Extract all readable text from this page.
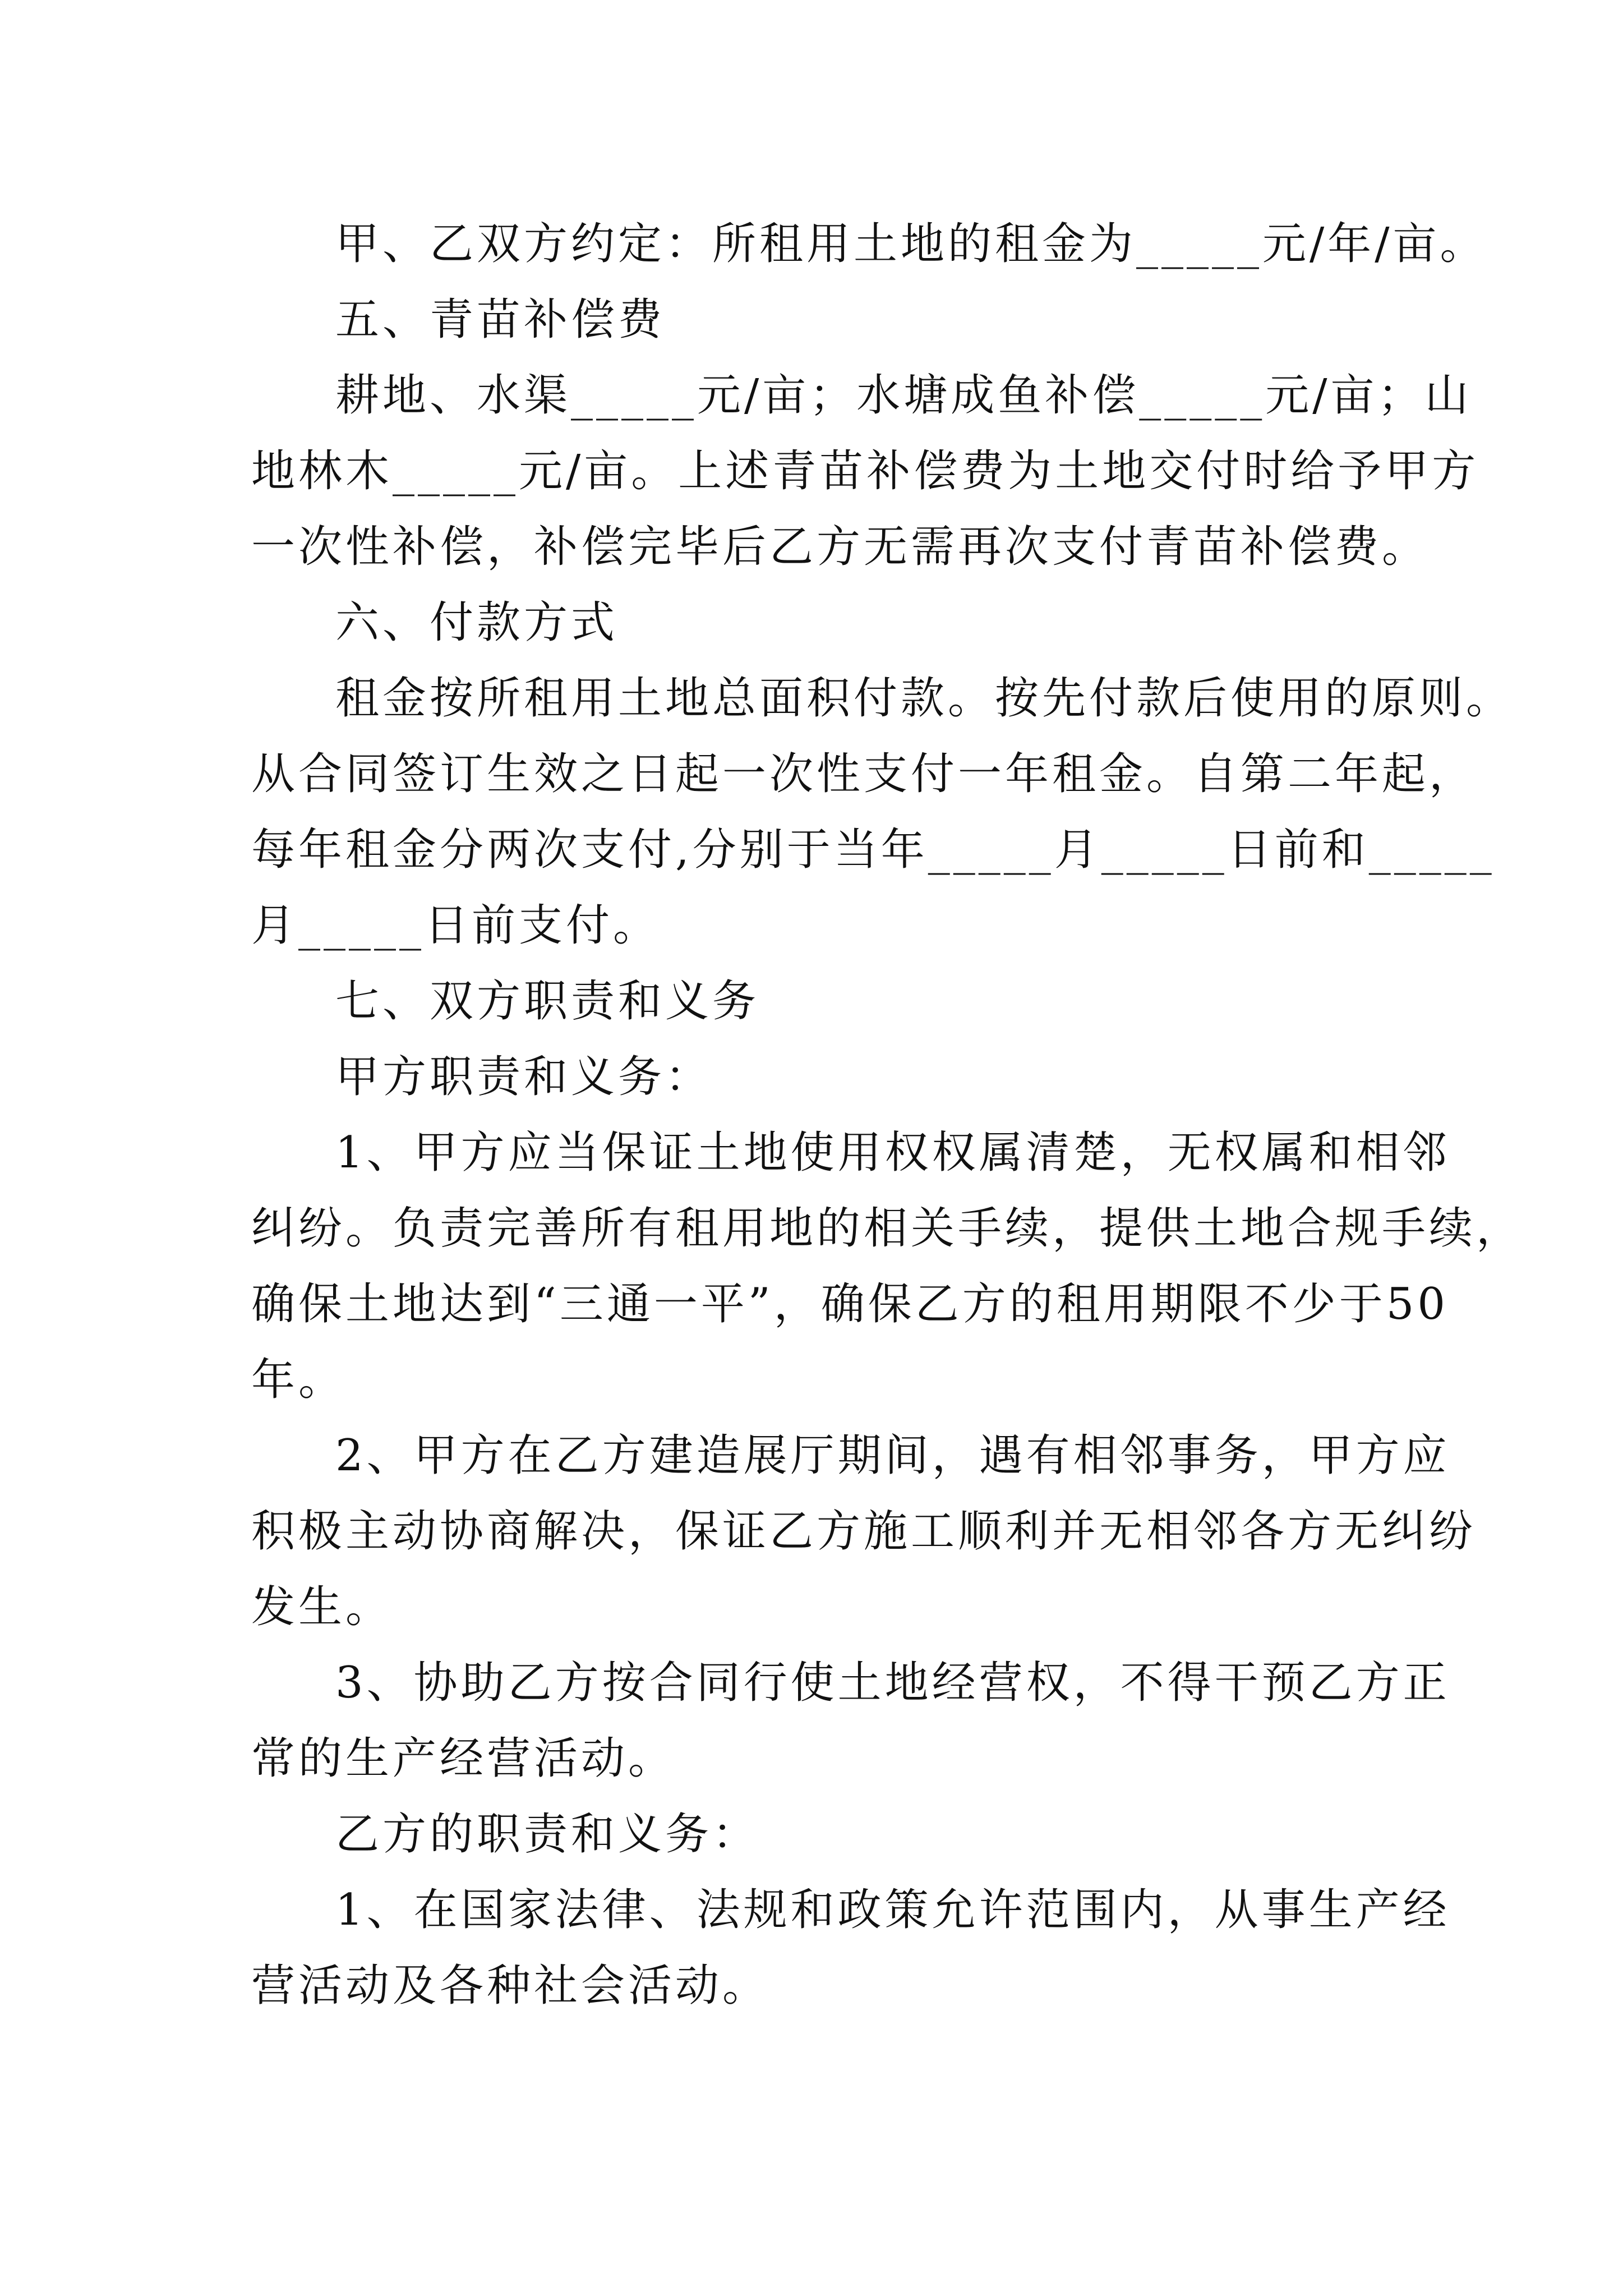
甲、乙双方约定：所租用土地的租金为_____元/年/亩。
五、青苗补偿费
耕地、水渠_____元/亩；水塘成鱼补偿_____元/亩；山
地林木_____元/亩。上述青苗补偿费为土地交付时给予甲方
一次性补偿，补偿完毕后乙方无需再次支付青苗补偿费。
六、付款方式
租金按所租用土地总面积付款。按先付款后使用的原则。
从合同签订生效之日起一次性支付一年租金。自第二年起，
每年租金分两次支付,分别于当年_____月_____日前和_____
月_____日前支付。
七、双方职责和义务
甲方职责和义务：
1、甲方应当保证土地使用权权属清楚，无权属和相邻
纠纷。负责完善所有租用地的相关手续，提供土地合规手续，
确保土地达到“三通一平”，确保乙方的租用期限不少于50
年。
2、甲方在乙方建造展厅期间，遇有相邻事务，甲方应
积极主动协商解决，保证乙方施工顺利并无相邻各方无纠纷
发生。
3、协助乙方按合同行使土地经营权，不得干预乙方正
常的生产经营活动。
乙方的职责和义务：
1、在国家法律、法规和政策允许范围内，从事生产经
营活动及各种社会活动。
